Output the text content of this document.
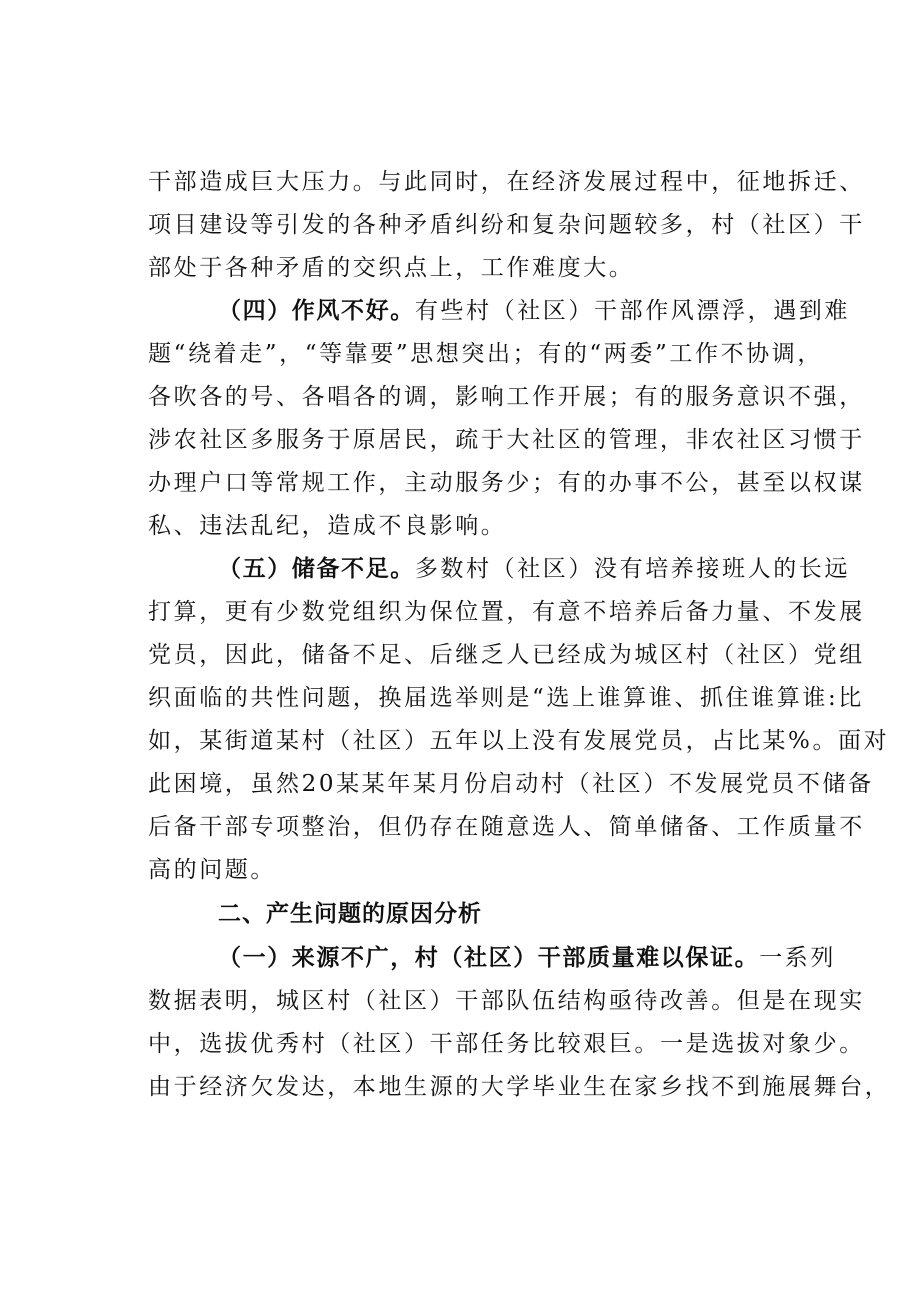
干部造成巨大压力。与此同时，在经济发展过程中，征地拆迁、
项目建设等引发的各种矛盾纠纷和复杂问题较多，村（社区）干
部处于各种矛盾的交织点上，工作难度大。
（四）作风不好。有些村（社区）干部作风漂浮，遇到难
题“绕着走”，“等靠要”思想突出；有的“两委”工作不协调，
各吹各的号、各唱各的调，影响工作开展；有的服务意识不强，
涉农社区多服务于原居民，疏于大社区的管理，非农社区习惯于
办理户口等常规工作，主动服务少；有的办事不公，甚至以权谋
私、违法乱纪，造成不良影响。
（五）储备不足。多数村（社区）没有培养接班人的长远
打算，更有少数党组织为保位置，有意不培养后备力量、不发展
党员，因此，储备不足、后继乏人已经成为城区村（社区）党组
织面临的共性问题，换届选举则是“选上谁算谁、抓住谁算谁:比
如，某街道某村（社区）五年以上没有发展党员，占比某%。面对
此困境，虽然20某某年某月份启动村（社区）不发展党员不储备
后备干部专项整治，但仍存在随意选人、简单储备、工作质量不
高的问题。
二、产生问题的原因分析
（一）来源不广，村（社区）干部质量难以保证。一系列
数据表明，城区村（社区）干部队伍结构亟待改善。但是在现实
中，选拔优秀村（社区）干部任务比较艰巨。一是选拔对象少。
由于经济欠发达，本地生源的大学毕业生在家乡找不到施展舞台，
